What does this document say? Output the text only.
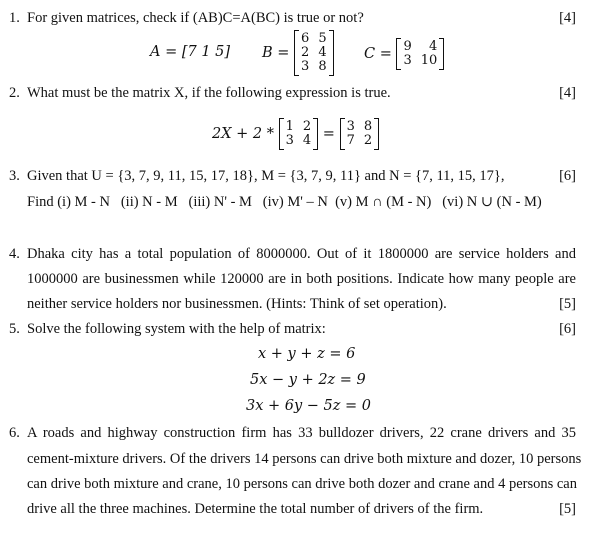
1. For given matrices, check if (AB)C=A(BC) is true or not?	[4]
A = [7 1 5] B =
6 5
2 4
3 8
C = 9	4
3 10
2. What must be the matrix X, if the following expression is true.	[4]
2X + 2 * 1 2
3 4 = 3 8
7 2
3. Given that U = {3, 7, 9, 11, 15, 17, 18}, M = {3, 7, 9, 11} and N = {7, 11, 15, 17},	[6]
Find (i) M - N   (ii) N - M   (iii) N' - M   (iv) M' – N  (v) M ∩ (M - N)   (vi) N ∪ (N - M)
4. Dhaka city has a total population of 8000000. Out of it 1800000 are service holders and
1000000 are businessmen while 120000 are in both positions. Indicate how many people are
neither service holders nor businessmen. (Hints: Think of set operation).	[5]
5. Solve the following system with the help of matrix:	[6]
x + y + z = 6
5x − y + 2z = 9
3x + 6y − 5z = 0
6. A roads and highway construction firm has 33 bulldozer drivers, 22 crane drivers and 35
cement-mixture drivers. Of the drivers 14 persons can drive both mixture and dozer, 10 persons
can drive both mixture and crane, 10 persons can drive both dozer and crane and 4 persons can
drive all the three machines. Determine the total number of drivers of the firm.	[5]
